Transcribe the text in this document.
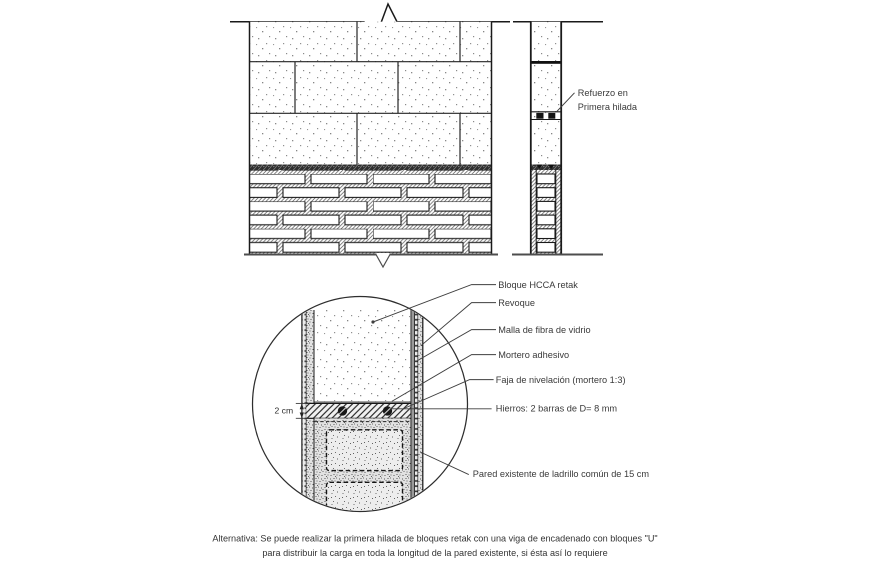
Refuerzo en
Primera hilada
2 cm
Bloque HCCA retak
Revoque
Malla de fibra de vidrio
Mortero adhesivo
Faja de nivelación (mortero 1:3)
Hierros: 2 barras de D= 8 mm
Pared existente de ladrillo común de 15 cm
Alternativa: Se puede realizar la primera hilada de bloques retak con una viga de encadenado con bloques "U"
para distribuir la carga en toda la longitud de la pared existente, si ésta así lo requiere
